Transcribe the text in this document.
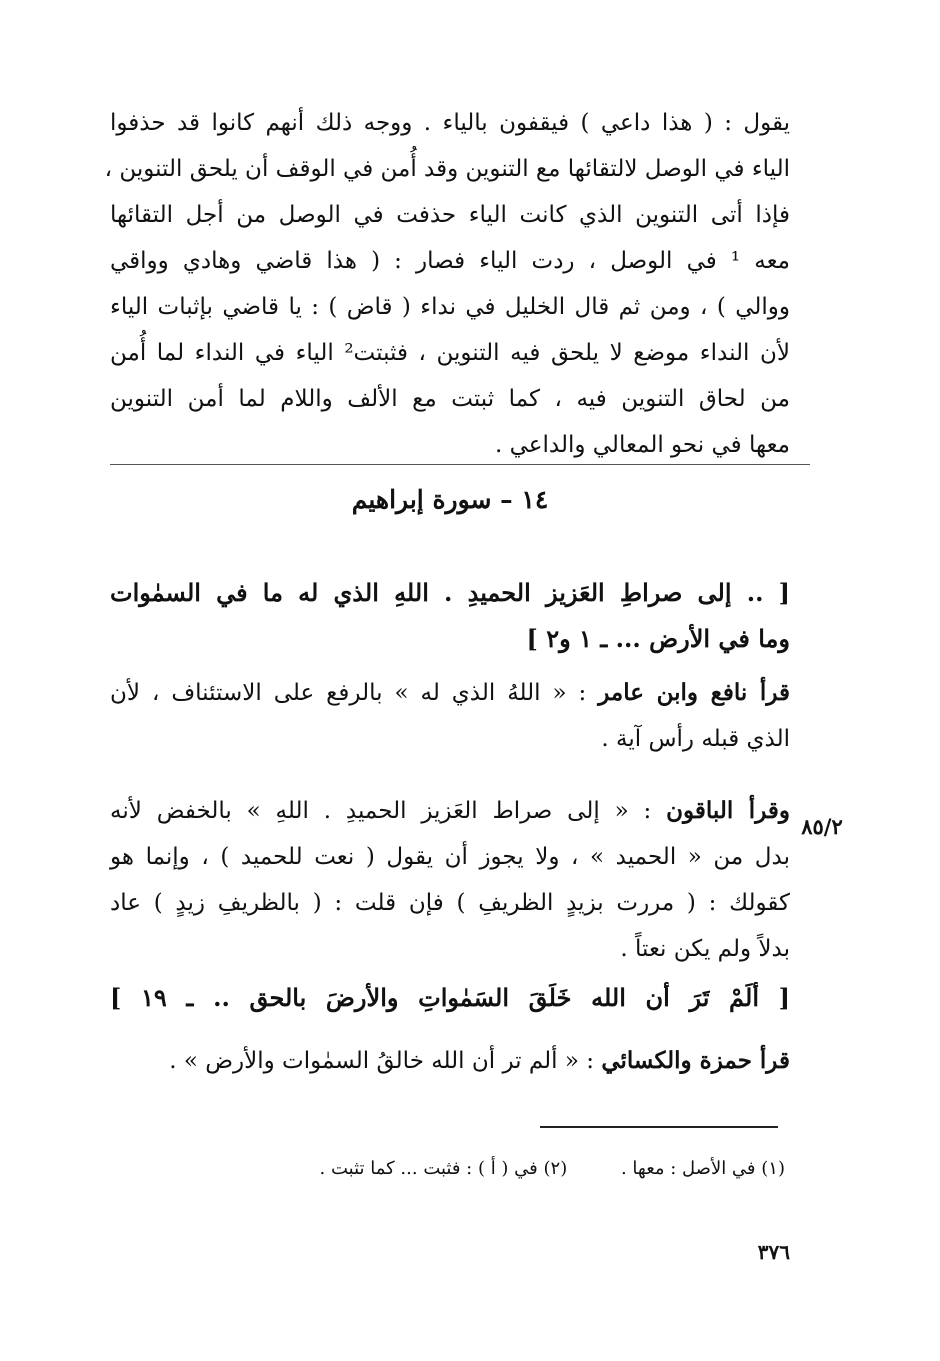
يقول : ( هذا داعي ) فيقفون بالياء . ووجه ذلك أنهم كانوا قد حذفوا
الياء في الوصل لالتقائها مع التنوين وقد أُمن في الوقف أن يلحق التنوين ،
فإذا أتى التنوين الذي كانت الياء حذفت في الوصل من أجل التقائها
معه ¹ في الوصل ، ردت الياء فصار : ( هذا قاضي وهادي وواقي
ووالي ) ، ومن ثم قال الخليل في نداء ( قاض ) : يا قاضي بإثبات الياء
لأن النداء موضع لا يلحق فيه التنوين ، فثبتت² الياء في النداء لما أُمن
من لحاق التنوين فيه ، كما ثبتت مع الألف واللام لما أمن التنوين
معها في نحو المعالي والداعي .
١٤ – سورة إبراهيم
[ .. إلى صراطِ العَزيز الحميدِ . اللهِ الذي له ما في السمٰوات
وما في الأرض ... ـ ١ و٢ ]
قرأ نافع وابن عامر : « اللهُ الذي له » بالرفع على الاستئناف ، لأن
الذي قبله رأس آية .
٨٥/٢
وقرأ الباقون : « إلى صراط العَزيز الحميدِ . اللهِ » بالخفض لأنه
بدل من « الحميد » ، ولا يجوز أن يقول ( نعت للحميد ) ، وإنما هو
كقولك : ( مررت بزيدٍ الظريفِ ) فإن قلت : ( بالظريفِ زيدٍ ) عاد
بدلاً ولم يكن نعتاً .
[ ألَمْ تَرَ أن الله خَلَقَ السَمٰواتِ والأرضَ بالحق .. ـ ١٩ ]
قرأ حمزة والكسائي : « ألم تر أن الله خالقُ السمٰوات والأرض » .
(١) في الأصل : معها . (٢) في ( أ ) : فثبت ... كما تثبت .
٣٧٦
